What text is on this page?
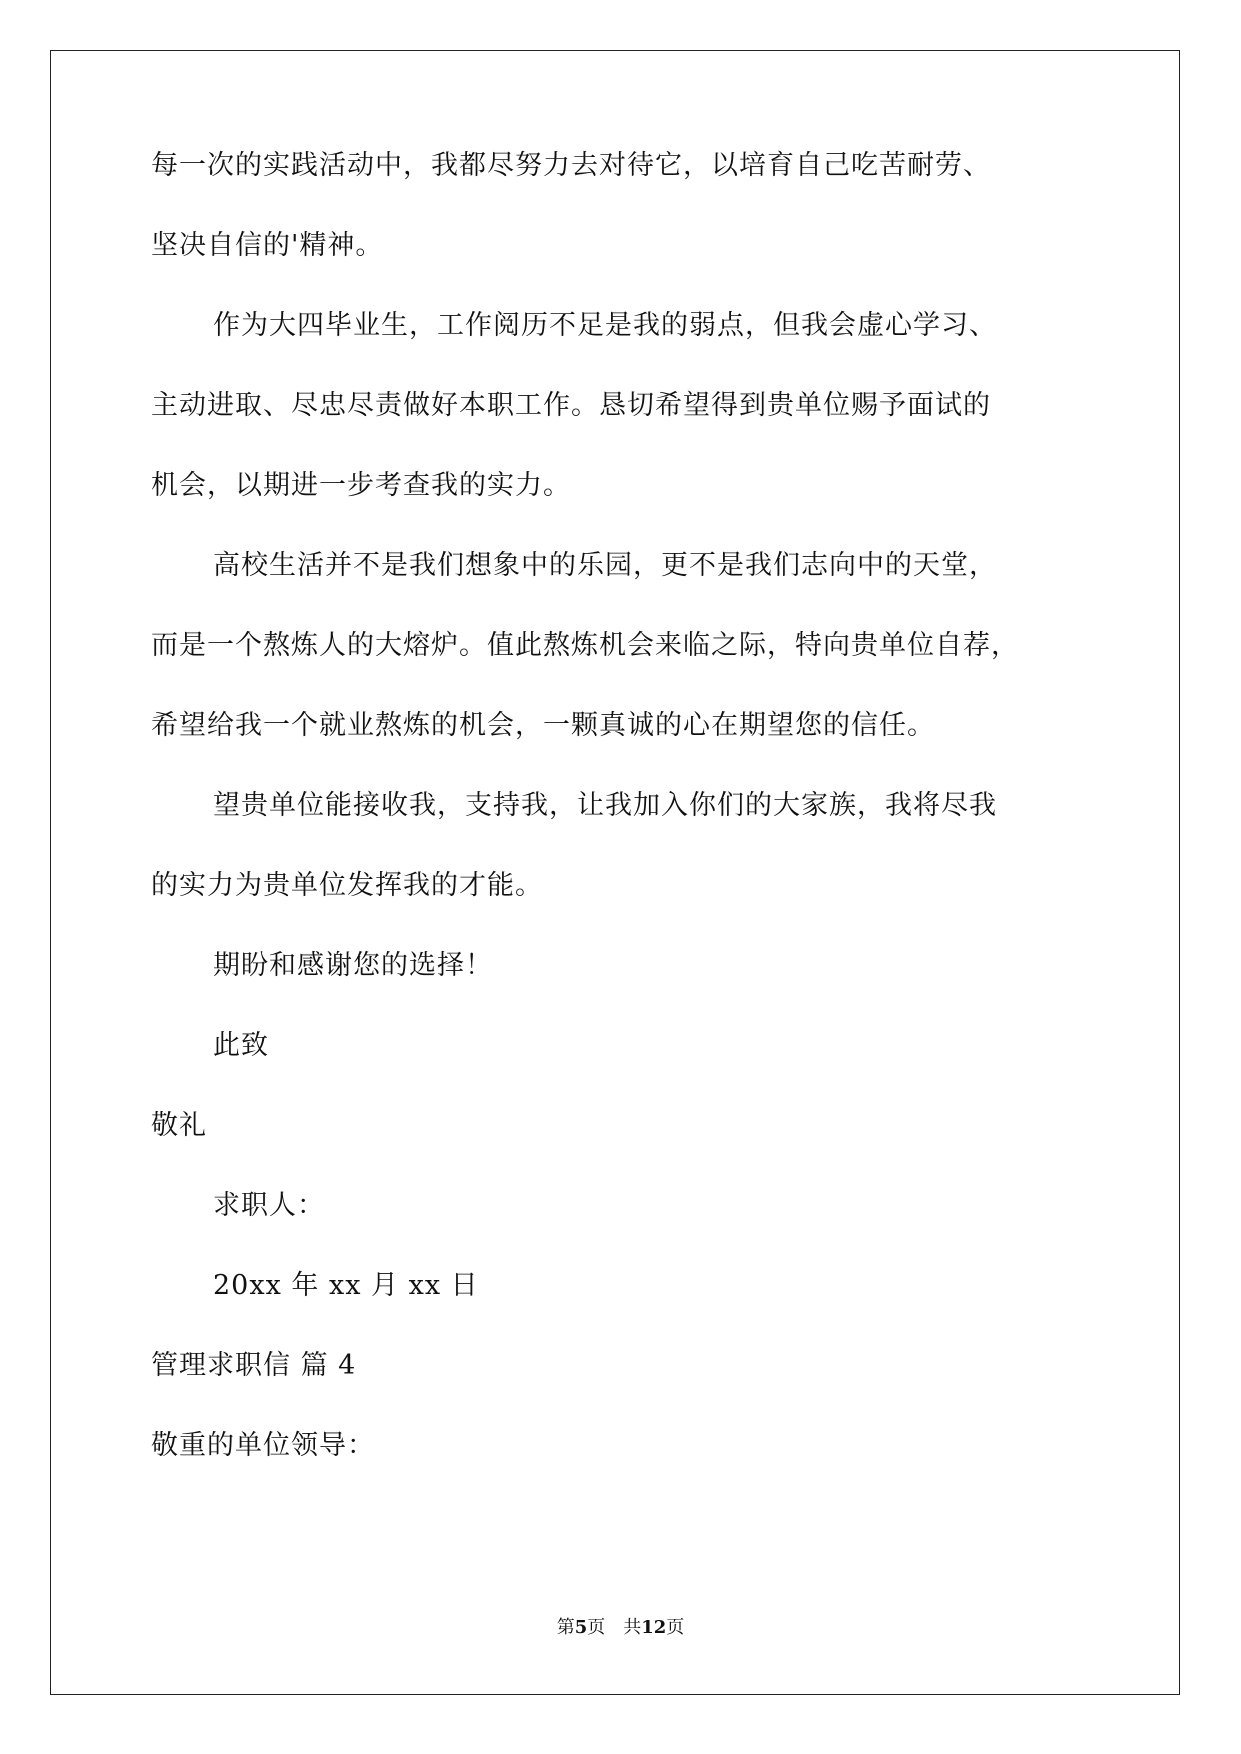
每一次的实践活动中，我都尽努力去对待它，以培育自己吃苦耐劳、
坚决自信的'精神。
作为大四毕业生，工作阅历不足是我的弱点，但我会虚心学习、
主动进取、尽忠尽责做好本职工作。恳切希望得到贵单位赐予面试的
机会，以期进一步考查我的实力。
高校生活并不是我们想象中的乐园，更不是我们志向中的天堂，
而是一个熬炼人的大熔炉。值此熬炼机会来临之际，特向贵单位自荐，
希望给我一个就业熬炼的机会，一颗真诚的心在期望您的信任。
望贵单位能接收我，支持我，让我加入你们的大家族，我将尽我
的实力为贵单位发挥我的才能。
期盼和感谢您的选择！
此致
敬礼
求职人：
20xx 年 xx 月 xx 日
管理求职信 篇 4
敬重的单位领导：
第5页 共12页
